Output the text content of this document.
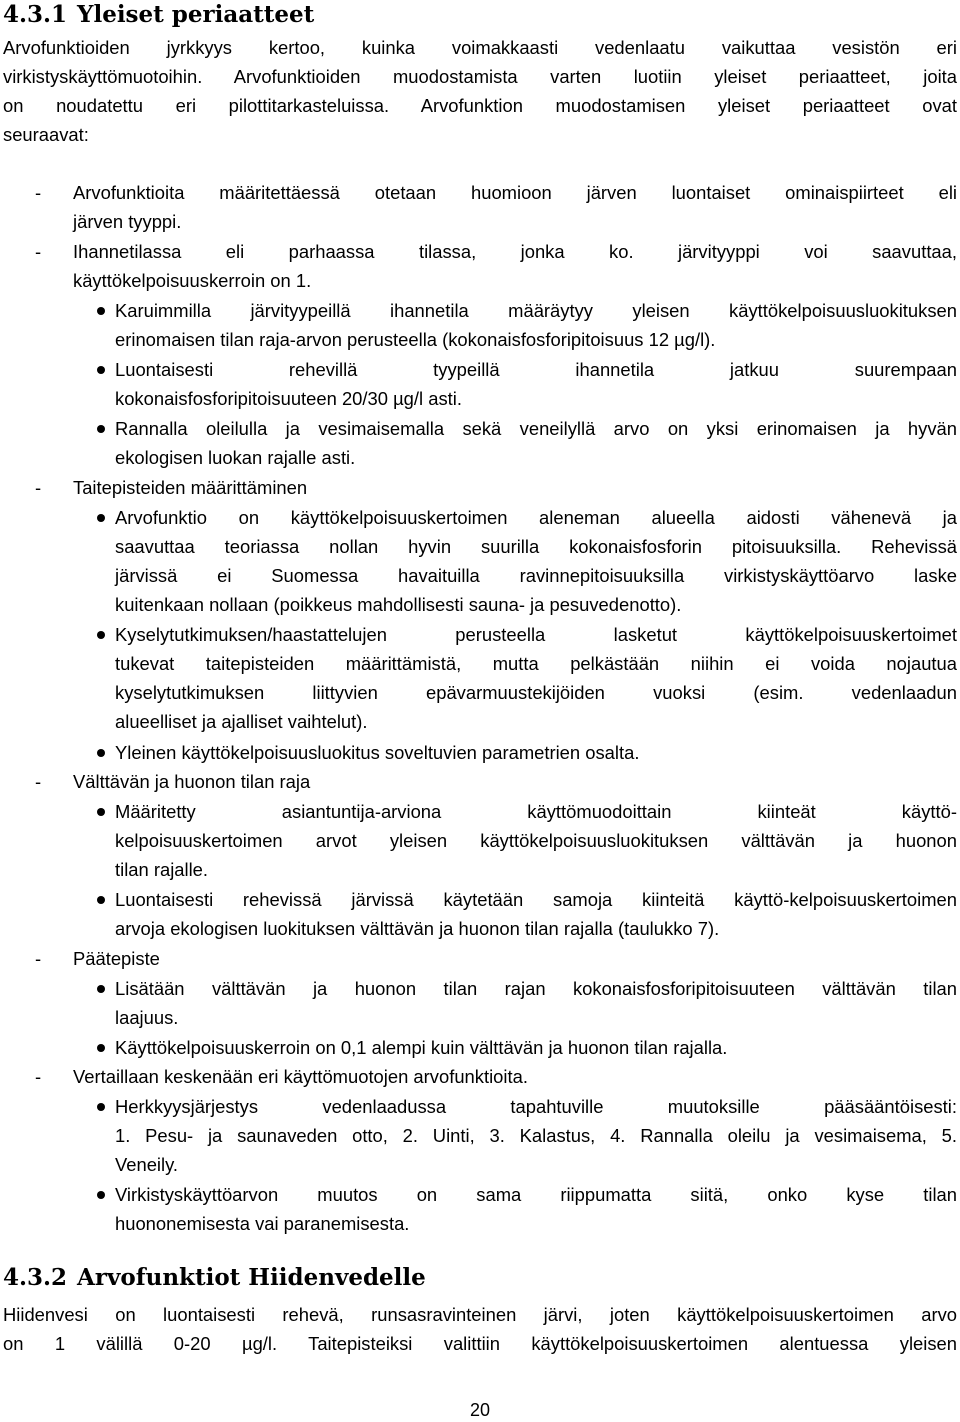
4.3.1 Yleiset periaatteet
Arvofunktioiden jyrkkyys kertoo, kuinka voimakkaasti vedenlaatu vaikuttaa vesistön eri
virkistyskäyttömuotoihin. Arvofunktioiden muodostamista varten luotiin yleiset periaatteet, joita
on noudatettu eri pilottitarkasteluissa. Arvofunktion muodostamisen yleiset periaatteet ovat
seuraavat:
- Arvofunktioita määritettäessä otetaan huomioon järven luontaiset ominaispiirteet eli
järven tyyppi.
- Ihannetilassa eli parhaassa tilassa, jonka ko. järvityyppi voi saavuttaa,
käyttökelpoisuuskerroin on 1.
Karuimmilla järvityypeillä ihannetila määräytyy yleisen käyttökelpoisuusluokituksen
erinomaisen tilan raja-arvon perusteella (kokonaisfosforipitoisuus 12 µg/l).
Luontaisesti rehevillä tyypeillä ihannetila jatkuu suurempaan
kokonaisfosforipitoisuuteen 20/30 µg/l asti.
Rannalla oleilulla ja vesimaisemalla sekä veneilyllä arvo on yksi erinomaisen ja hyvän
ekologisen luokan rajalle asti.
- Taitepisteiden määrittäminen
Arvofunktio on käyttökelpoisuuskertoimen aleneman alueella aidosti vähenevä ja
saavuttaa teoriassa nollan hyvin suurilla kokonaisfosforin pitoisuuksilla. Rehevissä
järvissä ei Suomessa havaituilla ravinnepitoisuuksilla virkistyskäyttöarvo laske
kuitenkaan nollaan (poikkeus mahdollisesti sauna- ja pesuvedenotto).
Kyselytutkimuksen/haastattelujen perusteella lasketut käyttökelpoisuuskertoimet
tukevat taitepisteiden määrittämistä, mutta pelkästään niihin ei voida nojautua
kyselytutkimuksen liittyvien epävarmuustekijöiden vuoksi (esim. vedenlaadun
alueelliset ja ajalliset vaihtelut).
Yleinen käyttökelpoisuusluokitus soveltuvien parametrien osalta.
- Välttävän ja huonon tilan raja
Määritetty asiantuntija-arviona käyttömuodoittain kiinteät käyttö-
kelpoisuuskertoimen arvot yleisen käyttökelpoisuusluokituksen välttävän ja huonon
tilan rajalle.
Luontaisesti rehevissä järvissä käytetään samoja kiinteitä käyttö-kelpoisuuskertoimen
arvoja ekologisen luokituksen välttävän ja huonon tilan rajalla (taulukko 7).
- Päätepiste
Lisätään välttävän ja huonon tilan rajan kokonaisfosforipitoisuuteen välttävän tilan
laajuus.
Käyttökelpoisuuskerroin on 0,1 alempi kuin välttävän ja huonon tilan rajalla.
- Vertaillaan keskenään eri käyttömuotojen arvofunktioita.
Herkkyysjärjestys vedenlaadussa tapahtuville muutoksille pääsääntöisesti:
1. Pesu- ja saunaveden otto, 2. Uinti, 3. Kalastus, 4. Rannalla oleilu ja vesimaisema, 5.
Veneily.
Virkistyskäyttöarvon muutos on sama riippumatta siitä, onko kyse tilan
huononemisesta vai paranemisesta.
4.3.2 Arvofunktiot Hiidenvedelle
Hiidenvesi on luontaisesti rehevä, runsasravinteinen järvi, joten käyttökelpoisuuskertoimen arvo
on 1 välillä 0-20 µg/l. Taitepisteiksi valittiin käyttökelpoisuuskertoimen alentuessa yleisen
20
